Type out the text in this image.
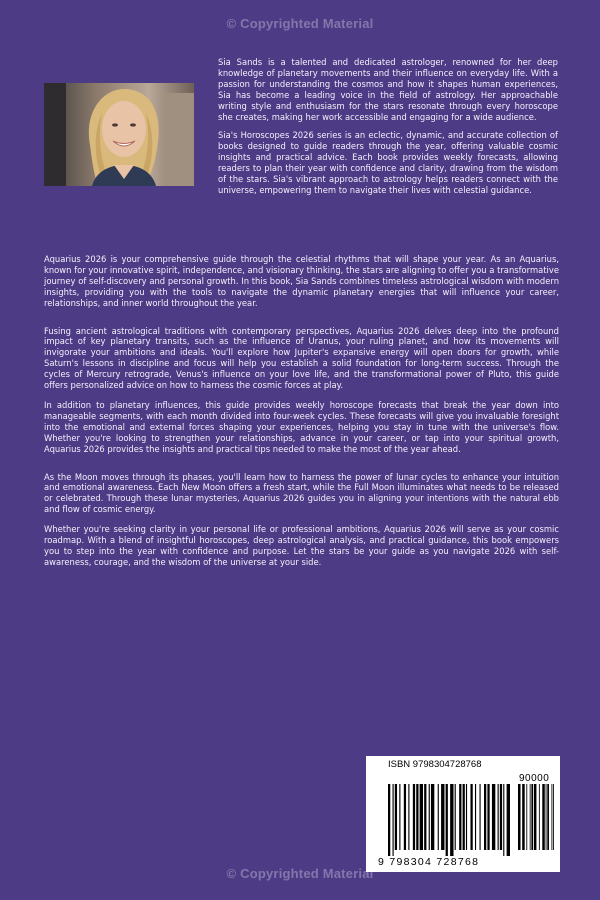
© Copyrighted Material

Sia Sands is a talented and dedicated astrologer, renowned for her deep knowledge of planetary movements and their influence on everyday life. With a passion for understanding the cosmos and how it shapes human experiences, Sia has become a leading voice in the field of astrology. Her approachable writing style and enthusiasm for the stars resonate through every horoscope she creates, making her work accessible and engaging for a wide audience.

Sia's Horoscopes 2026 series is an eclectic, dynamic, and accurate collection of books designed to guide readers through the year, offering valuable cosmic insights and practical advice. Each book provides weekly forecasts, allowing readers to plan their year with confidence and clarity, drawing from the wisdom of the stars. Sia's vibrant approach to astrology helps readers connect with the universe, empowering them to navigate their lives with celestial guidance.

Aquarius 2026 is your comprehensive guide through the celestial rhythms that will shape your year. As an Aquarius, known for your innovative spirit, independence, and visionary thinking, the stars are aligning to offer you a transformative journey of self-discovery and personal growth. In this book, Sia Sands combines timeless astrological wisdom with modern insights, providing you with the tools to navigate the dynamic planetary energies that will influence your career, relationships, and inner world throughout the year.

Fusing ancient astrological traditions with contemporary perspectives, Aquarius 2026 delves deep into the profound impact of key planetary transits, such as the influence of Uranus, your ruling planet, and how its movements will invigorate your ambitions and ideals. You'll explore how Jupiter's expansive energy will open doors for growth, while Saturn's lessons in discipline and focus will help you establish a solid foundation for long-term success. Through the cycles of Mercury retrograde, Venus's influence on your love life, and the transformational power of Pluto, this guide offers personalized advice on how to harness the cosmic forces at play.

In addition to planetary influences, this guide provides weekly horoscope forecasts that break the year down into manageable segments, with each month divided into four-week cycles. These forecasts will give you invaluable foresight into the emotional and external forces shaping your experiences, helping you stay in tune with the universe's flow. Whether you're looking to strengthen your relationships, advance in your career, or tap into your spiritual growth, Aquarius 2026 provides the insights and practical tips needed to make the most of the year ahead.

As the Moon moves through its phases, you'll learn how to harness the power of lunar cycles to enhance your intuition and emotional awareness. Each New Moon offers a fresh start, while the Full Moon illuminates what needs to be released or celebrated. Through these lunar mysteries, Aquarius 2026 guides you in aligning your intentions with the natural ebb and flow of cosmic energy.

Whether you're seeking clarity in your personal life or professional ambitions, Aquarius 2026 will serve as your cosmic roadmap. With a blend of insightful horoscopes, deep astrological analysis, and practical guidance, this book empowers you to step into the year with confidence and purpose. Let the stars be your guide as you navigate 2026 with self-awareness, courage, and the wisdom of the universe at your side.

ISBN 9798304728768
90000
9 798304 728768
© Copyrighted Material
